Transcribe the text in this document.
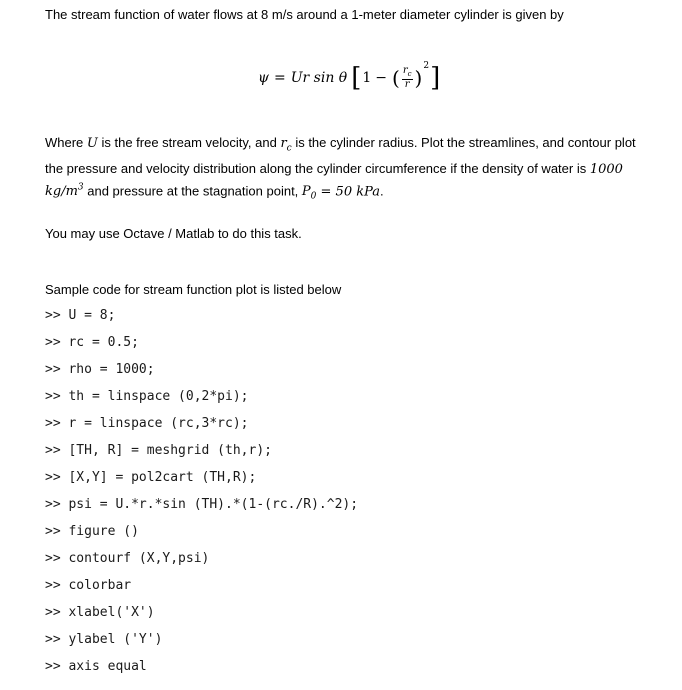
The stream function of water flows at 8 m/s around a 1-meter diameter cylinder is given by
ψ = Ur sin θ [ 1 − ( $\frac{r_c}{r}$ ) 2 ]

Where U is the free stream velocity, and $r_c$ is the cylinder radius. Plot the streamlines, and contour plot the pressure and velocity distribution along the cylinder circumference if the density of water is 1000 $kg/m^3$ and pressure at the stagnation point, $P_0 = 50$ kPa.

You may use Octave / Matlab to do this task.
Sample code for stream function plot is listed below
>> U = 8;
>> rc = 0.5;
>> rho = 1000;
>> th = linspace (0,2*pi);
>> r = linspace (rc,3*rc);
>> [TH, R] = meshgrid (th,r);
>> [X,Y] = pol2cart (TH,R);
>> psi = U.*r.*sin (TH).*(1-(rc./R).^2);
>> figure ()
>> contourf (X,Y,psi)
>> colorbar
>> xlabel('X')
>> ylabel ('Y')
>> axis equal
